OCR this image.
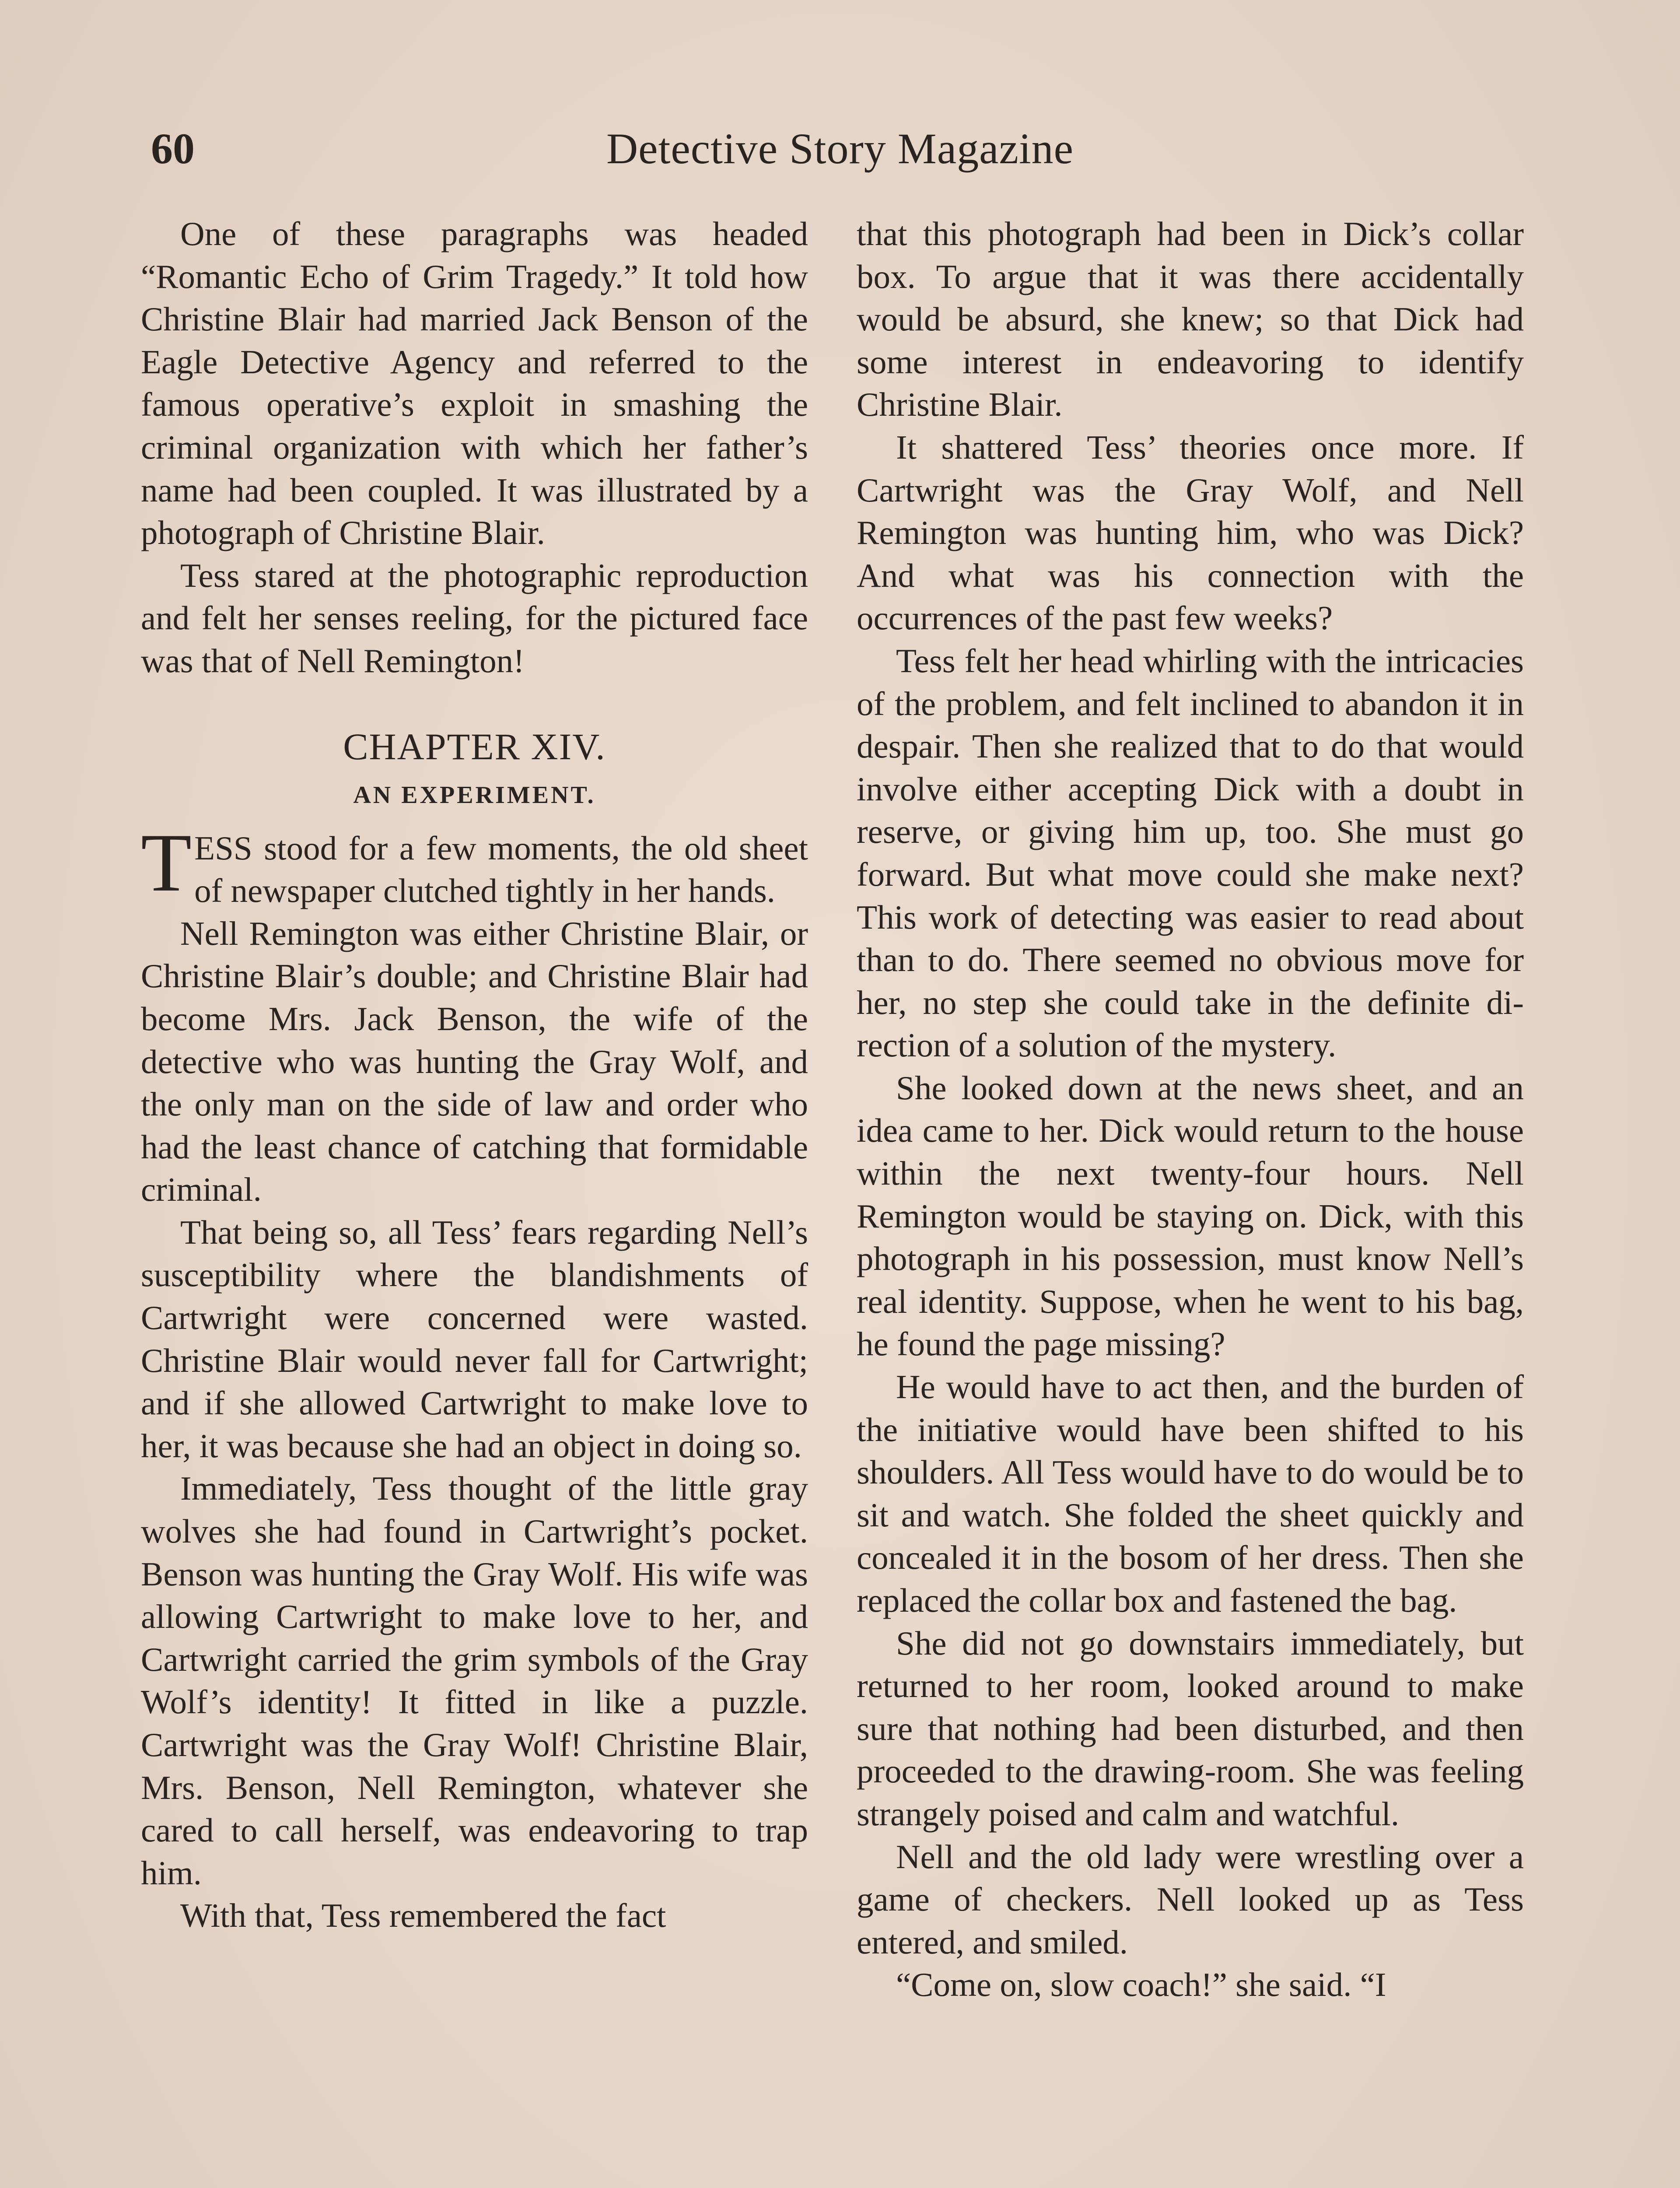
60	Detective Story Magazine

One of these paragraphs was headed “Romantic Echo of Grim Tragedy.” It told how Christine Blair had married Jack Benson of the Eagle Detective Agency and referred to the famous operative’s exploit in smashing the criminal organization with which her father’s name had been coupled. It was illustrated by a photograph of Christine Blair.

Tess stared at the photographic reproduction and felt her senses reeling, for the pictured face was that of Nell Remington!

CHAPTER XIV.
AN EXPERIMENT.

TESS stood for a few moments, the old sheet of newspaper clutched tightly in her hands.

Nell Remington was either Christine Blair, or Christine Blair’s double; and Christine Blair had become Mrs. Jack Benson, the wife of the detective who was hunting the Gray Wolf, and the only man on the side of law and order who had the least chance of catching that formidable criminal.

That being so, all Tess’ fears regarding Nell’s susceptibility where the blandishments of Cartwright were concerned were wasted. Christine Blair would never fall for Cartwright; and if she allowed Cartwright to make love to her, it was because she had an object in doing so.

Immediately, Tess thought of the little gray wolves she had found in Cartwright’s pocket. Benson was hunting the Gray Wolf. His wife was allowing Cartwright to make love to her, and Cartwright carried the grim symbols of the Gray Wolf’s identity! It fitted in like a puzzle. Cartwright was the Gray Wolf! Christine Blair, Mrs. Benson, Nell Remington, whatever she cared to call herself, was endeavoring to trap him.

With that, Tess remembered the fact

that this photograph had been in Dick’s collar box. To argue that it was there accidentally would be absurd, she knew; so that Dick had some interest in endeavoring to identify Christine Blair.

It shattered Tess’ theories once more. If Cartwright was the Gray Wolf, and Nell Remington was hunting him, who was Dick? And what was his connection with the occurrences of the past few weeks?

Tess felt her head whirling with the intricacies of the problem, and felt inclined to abandon it in despair. Then she realized that to do that would involve either accepting Dick with a doubt in reserve, or giving him up, too. She must go forward. But what move could she make next? This work of detecting was easier to read about than to do. There seemed no obvious move for her, no step she could take in the definite direction of a solution of the mystery.

She looked down at the news sheet, and an idea came to her. Dick would return to the house within the next twenty-four hours. Nell Remington would be staying on. Dick, with this photograph in his possession, must know Nell’s real identity. Suppose, when he went to his bag, he found the page missing?

He would have to act then, and the burden of the initiative would have been shifted to his shoulders. All Tess would have to do would be to sit and watch. She folded the sheet quickly and concealed it in the bosom of her dress. Then she replaced the collar box and fastened the bag.

She did not go downstairs immediately, but returned to her room, looked around to make sure that nothing had been disturbed, and then proceeded to the drawing-room. She was feeling strangely poised and calm and watchful.

Nell and the old lady were wrestling over a game of checkers. Nell looked up as Tess entered, and smiled.

“Come on, slow coach!” she said. “I
